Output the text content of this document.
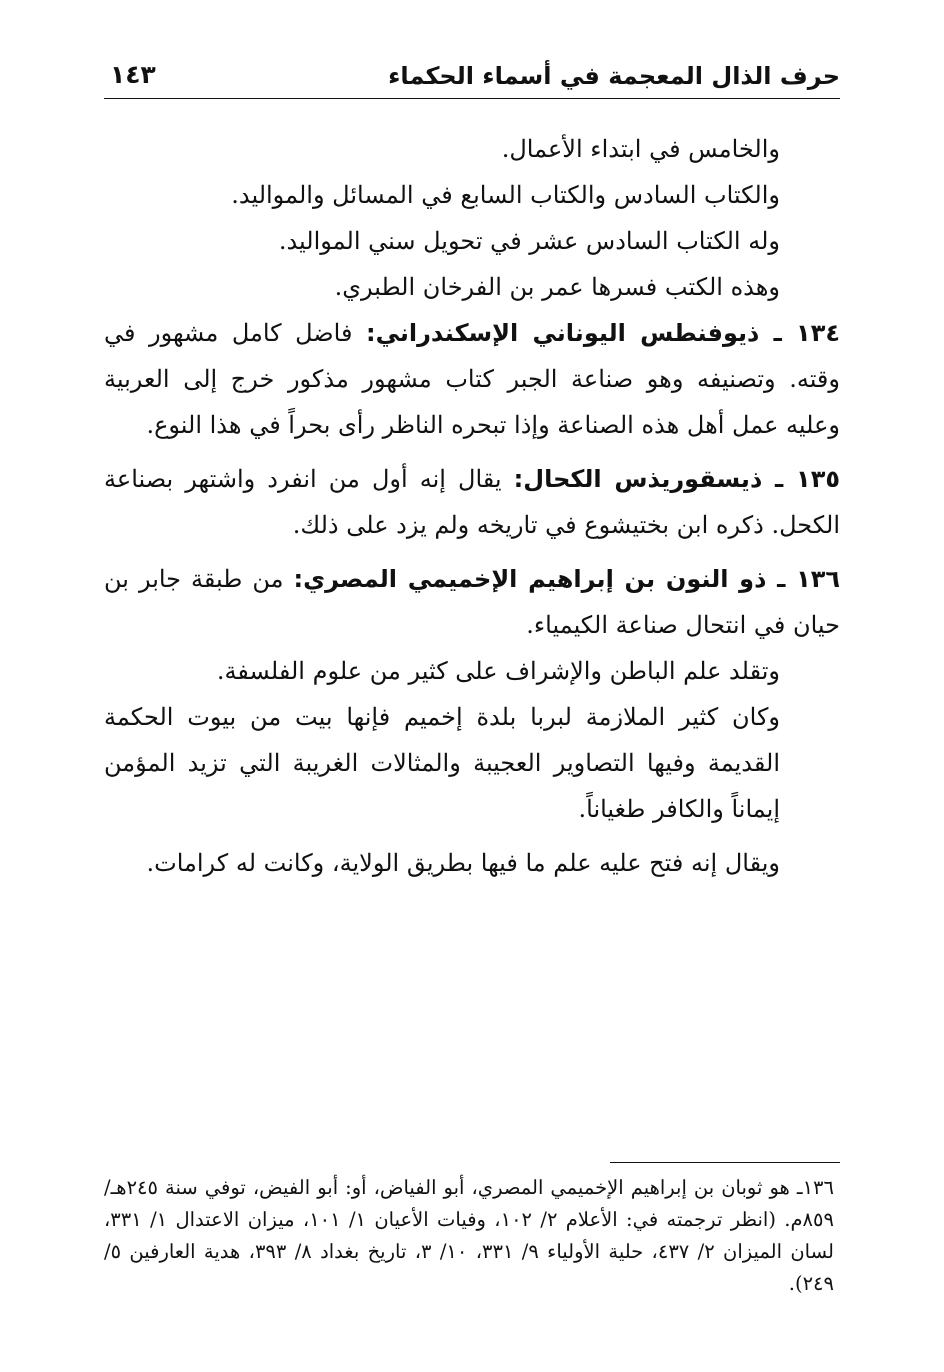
حرف الذال المعجمة في أسماء الحكماء
١٤٣

والخامس في ابتداء الأعمال.

والكتاب السادس والكتاب السابع في المسائل والمواليد.

وله الكتاب السادس عشر في تحويل سني المواليد.

وهذه الكتب فسرها عمر بن الفرخان الطبري.

١٣٤ ـ ذيوفنطس اليوناني الإسكندراني: فاضل كامل مشهور في وقته. وتصنيفه وهو صناعة الجبر كتاب مشهور مذكور خرج إلى العربية وعليه عمل أهل هذه الصناعة وإذا تبحره الناظر رأى بحراً في هذا النوع.

١٣٥ ـ ذيسقوريذس الكحال: يقال إنه أول من انفرد واشتهر بصناعة الكحل. ذكره ابن بختيشوع في تاريخه ولم يزد على ذلك.

١٣٦ ـ ذو النون بن إبراهيم الإخميمي المصري: من طبقة جابر بن حيان في انتحال صناعة الكيمياء.

وتقلد علم الباطن والإشراف على كثير من علوم الفلسفة.

وكان كثير الملازمة لبربا بلدة إخميم فإنها بيت من بيوت الحكمة القديمة وفيها التصاوير العجيبة والمثالات الغريبة التي تزيد المؤمن إيماناً والكافر طغياناً.

ويقال إنه فتح عليه علم ما فيها بطريق الولاية، وكانت له كرامات.

١٣٦ـ هو ثوبان بن إبراهيم الإخميمي المصري، أبو الفياض، أو: أبو الفيض، توفي سنة ٢٤٥هـ/ ٨٥٩م. (انظر ترجمته في: الأعلام ٢/ ١٠٢، وفيات الأعيان ١/ ١٠١، ميزان الاعتدال ١/ ٣٣١، لسان الميزان ٢/ ٤٣٧، حلية الأولياء ٩/ ٣٣١، ١٠/ ٣، تاريخ بغداد ٨/ ٣٩٣، هدية العارفين ٥/ ٢٤٩).
